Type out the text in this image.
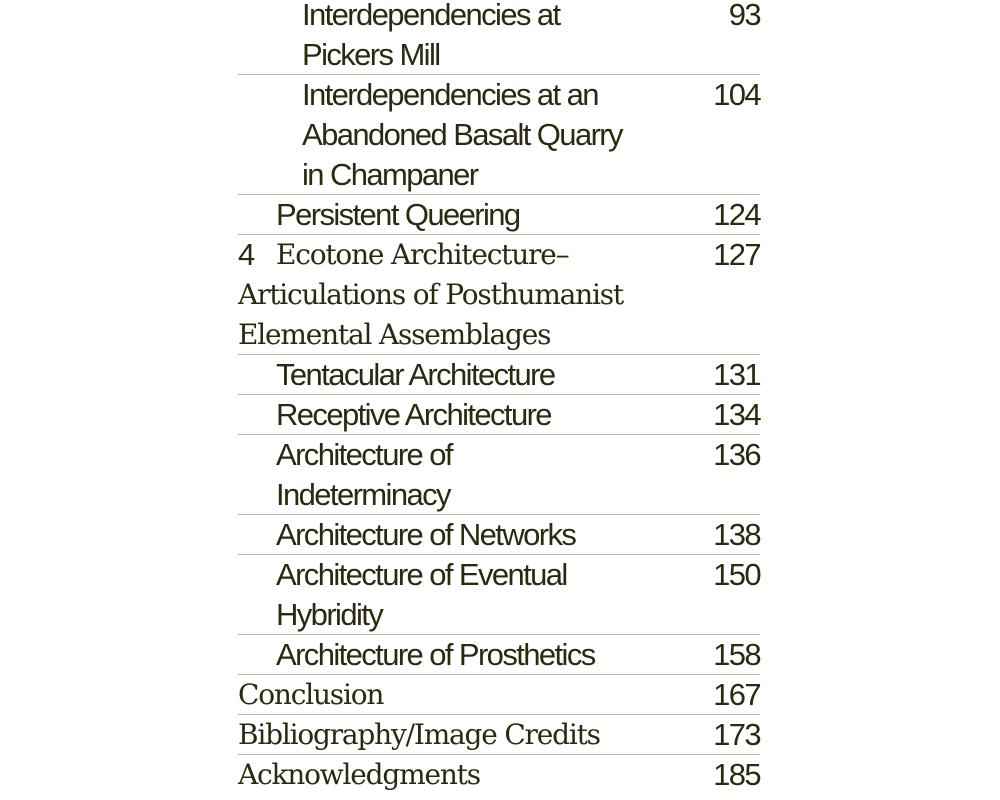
Interdependencies at
Pickers Mill
93
Interdependencies at an
Abandoned Basalt Quarry
in Champaner
104
Persistent Queering	124
4 Ecotone Architecture–
Articulations of Posthumanist
Elemental Assemblages
127
Tentacular Architecture	131
Receptive Architecture	134
Architecture of
Indeterminacy
136
Architecture of Networks	138
Architecture of Eventual
Hybridity
150
Architecture of Prosthetics	158
Conclusion	167
Bibliography/Image Credits	173
Acknowledgments	185
